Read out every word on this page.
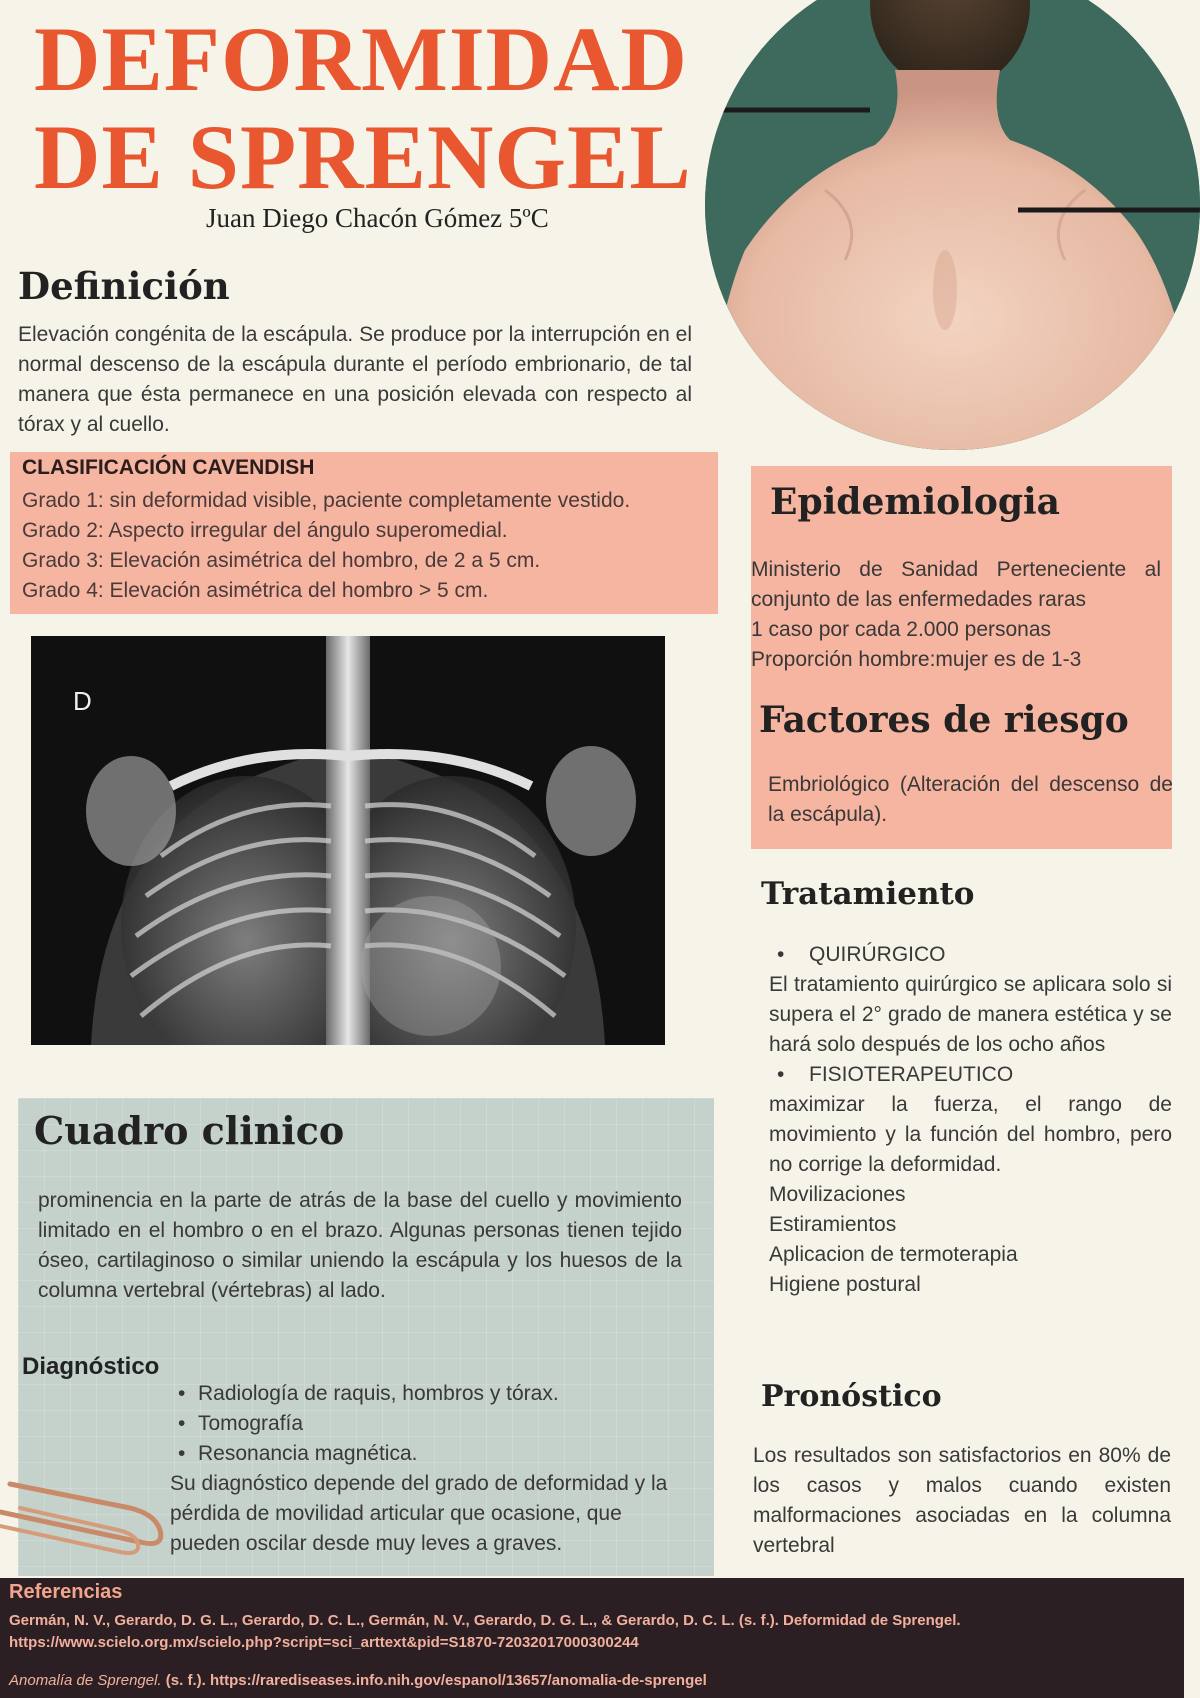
DEFORMIDAD
DE SPRENGEL
Juan Diego Chacón Gómez 5ºC
Definición
Elevación congénita de la escápula. Se produce por la interrupción en el normal descenso de la escápula durante el período embrionario, de tal manera que ésta permanece en una posición elevada con respecto al tórax y al cuello.
CLASIFICACIÓN CAVENDISH
Grado 1: sin deformidad visible, paciente completamente vestido.
Grado 2: Aspecto irregular del ángulo superomedial.
Grado 3: Elevación asimétrica del hombro, de 2 a 5 cm.
Grado 4: Elevación asimétrica del hombro > 5 cm.
D
Epidemiologia
Ministerio de Sanidad Perteneciente al conjunto de las enfermedades raras
1 caso por cada 2.000 personas
Proporción hombre:mujer es de 1-3
Factores de riesgo
Embriológico (Alteración del descenso de la escápula).
Tratamiento
• QUIRÚRGICO
El tratamiento quirúrgico se aplicara solo si supera el 2° grado de manera estética y se hará solo después de los ocho años
• FISIOTERAPEUTICO
maximizar la fuerza, el rango de movimiento y la función del hombro, pero no corrige la deformidad.
Movilizaciones
Estiramientos
Aplicacion de termoterapia
Higiene postural
Pronóstico
Los resultados son satisfactorios en 80% de los casos y malos cuando existen malformaciones asociadas en la columna vertebral
Cuadro clinico
prominencia en la parte de atrás de la base del cuello y movimiento limitado en el hombro o en el brazo. Algunas personas tienen tejido óseo, cartilaginoso o similar uniendo la escápula y los huesos de la columna vertebral (vértebras) al lado.
Diagnóstico
• Radiología de raquis, hombros y tórax.
• Tomografía
• Resonancia magnética.
Su diagnóstico depende del grado de deformidad y la pérdida de movilidad articular que ocasione, que pueden oscilar desde muy leves a graves.
Referencias
Germán, N. V., Gerardo, D. G. L., Gerardo, D. C. L., Germán, N. V., Gerardo, D. G. L., & Gerardo, D. C. L. (s. f.). Deformidad de Sprengel.
https://www.scielo.org.mx/scielo.php?script=sci_arttext&pid=S1870-72032017000300244
Anomalía de Sprengel. (s. f.). https://rarediseases.info.nih.gov/espanol/13657/anomalia-de-sprengel
